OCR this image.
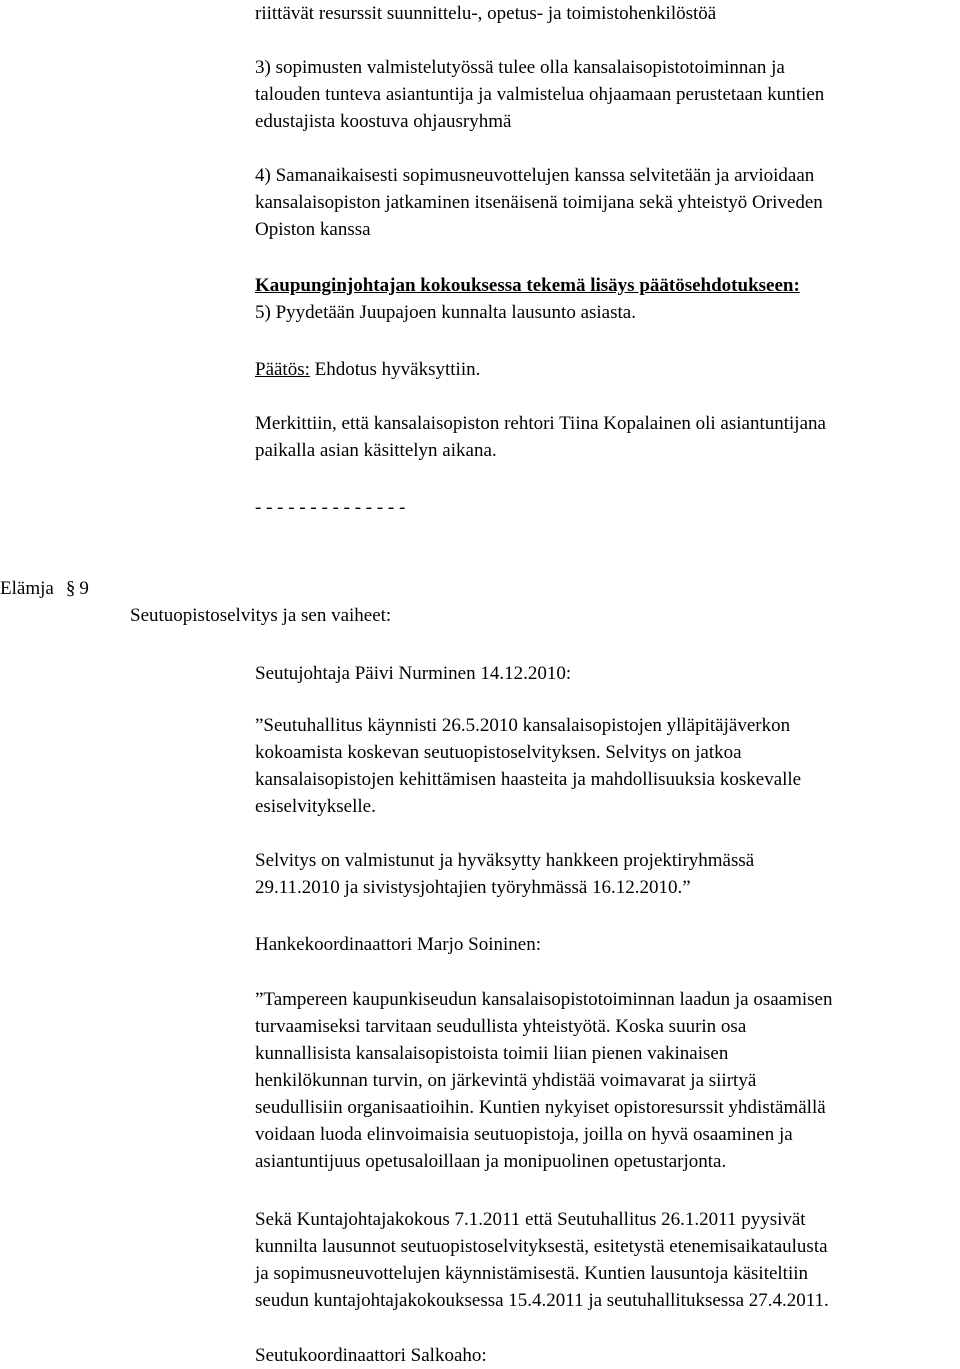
riittävät resurssit suunnittelu-, opetus- ja toimistohenkilöstöä
3) sopimusten valmistelutyössä tulee olla kansalaisopistotoiminnan ja
talouden tunteva asiantuntija ja valmistelua ohjaamaan perustetaan kuntien
edustajista koostuva ohjausryhmä
4) Samanaikaisesti sopimusneuvottelujen kanssa selvitetään ja arvioidaan
kansalaisopiston jatkaminen itsenäisenä toimijana sekä yhteistyö Oriveden
Opiston kanssa
Kaupunginjohtajan kokouksessa tekemä lisäys päätösehdotukseen:
5) Pyydetään Juupajoen kunnalta lausunto asiasta.
Päätös: Ehdotus hyväksyttiin.
Merkittiin, että kansalaisopiston rehtori Tiina Kopalainen oli asiantuntijana
paikalla asian käsittelyn aikana.
- - - - - - - - - - - - - -
Elämja § 9
Seutuopistoselvitys ja sen vaiheet:
Seutujohtaja Päivi Nurminen 14.12.2010:
”Seutuhallitus käynnisti 26.5.2010 kansalaisopistojen ylläpitäjäverkon
kokoamista koskevan seutuopistoselvityksen. Selvitys on jatkoa
kansalaisopistojen kehittämisen haasteita ja mahdollisuuksia koskevalle
esiselvitykselle.
Selvitys on valmistunut ja hyväksytty hankkeen projektiryhmässä
29.11.2010 ja sivistysjohtajien työryhmässä 16.12.2010.”
Hankekoordinaattori Marjo Soininen:
”Tampereen kaupunkiseudun kansalaisopistotoiminnan laadun ja osaamisen
turvaamiseksi tarvitaan seudullista yhteistyötä. Koska suurin osa
kunnallisista kansalaisopistoista toimii liian pienen vakinaisen
henkilökunnan turvin, on järkevintä yhdistää voimavarat ja siirtyä
seudullisiin organisaatioihin. Kuntien nykyiset opistoresurssit yhdistämällä
voidaan luoda elinvoimaisia seutuopistoja, joilla on hyvä osaaminen ja
asiantuntijuus opetusaloillaan ja monipuolinen opetustarjonta.
Sekä Kuntajohtajakokous 7.1.2011 että Seutuhallitus 26.1.2011 pyysivät
kunnilta lausunnot seutuopistoselvityksestä, esitetystä etenemisaikataulusta
ja sopimusneuvottelujen käynnistämisestä. Kuntien lausuntoja käsiteltiin
seudun kuntajohtajakokouksessa 15.4.2011 ja seutuhallituksessa 27.4.2011.
Seutukoordinaattori Salkoaho:
